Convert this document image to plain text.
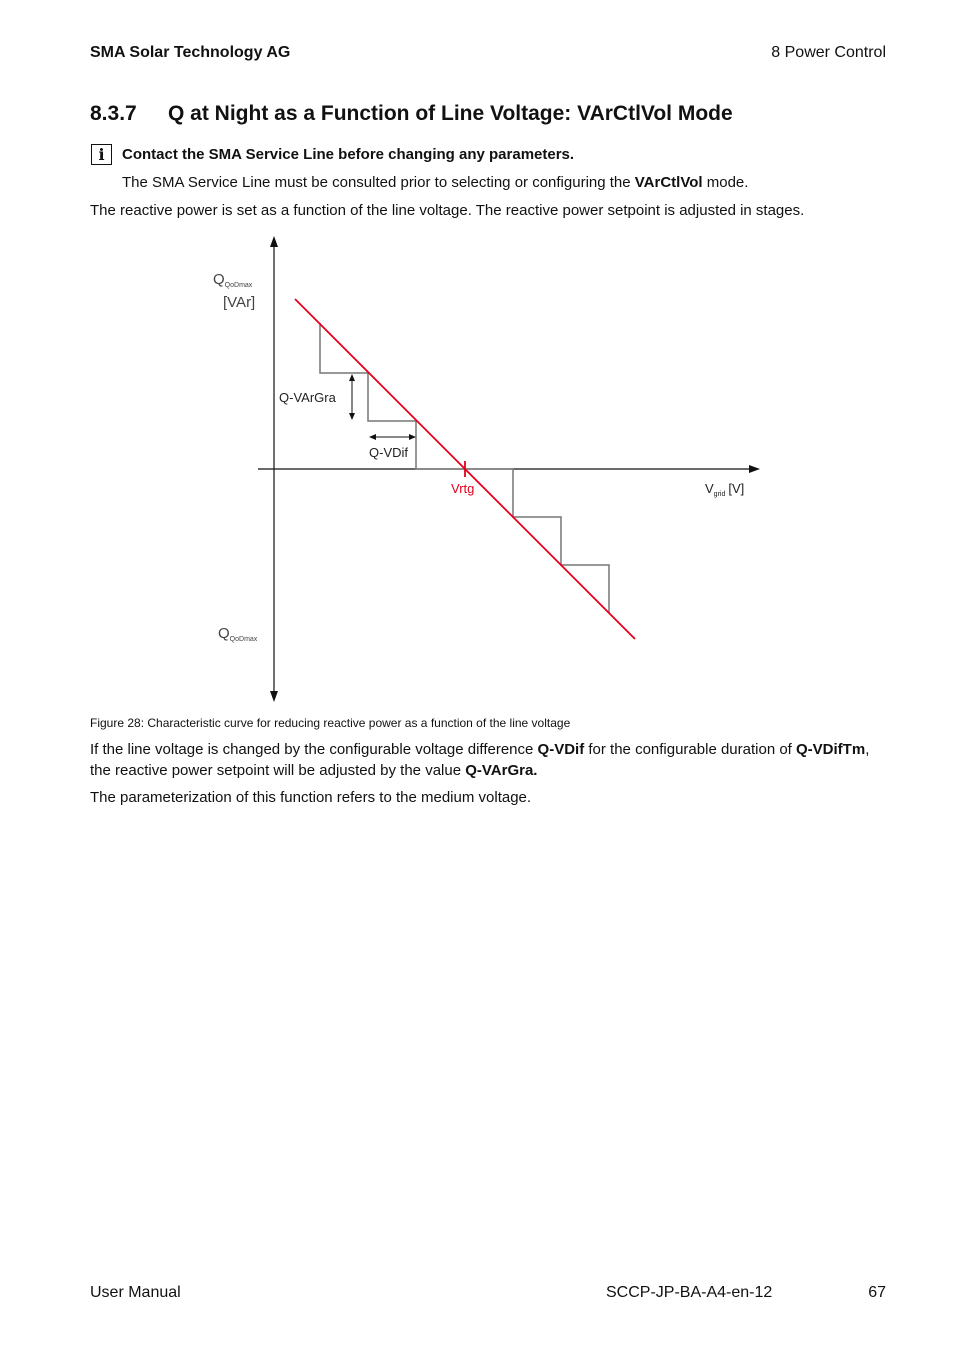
SMA Solar Technology AG	8 Power Control
8.3.7 Q at Night as a Function of Line Voltage: VArCtlVol Mode
i	Contact the SMA Service Line before changing any parameters.
The SMA Service Line must be consulted prior to selecting or configuring the VArCtlVol mode.
The reactive power is set as a function of the line voltage. The reactive power setpoint is adjusted in stages.
$Q_{QoDmax}$
[VAr]
$Q_{QoDmax}$
$V_{grid}$ [V]
Vrtg
Q-VArGra
Q-VDif
Figure 28: Characteristic curve for reducing reactive power as a function of the line voltage
If the line voltage is changed by the configurable voltage difference Q-VDif for the configurable duration of Q-VDifTm,
the reactive power setpoint will be adjusted by the value Q-VArGra.
The parameterization of this function refers to the medium voltage.
User Manual	SCCP-JP-BA-A4-en-12	67
